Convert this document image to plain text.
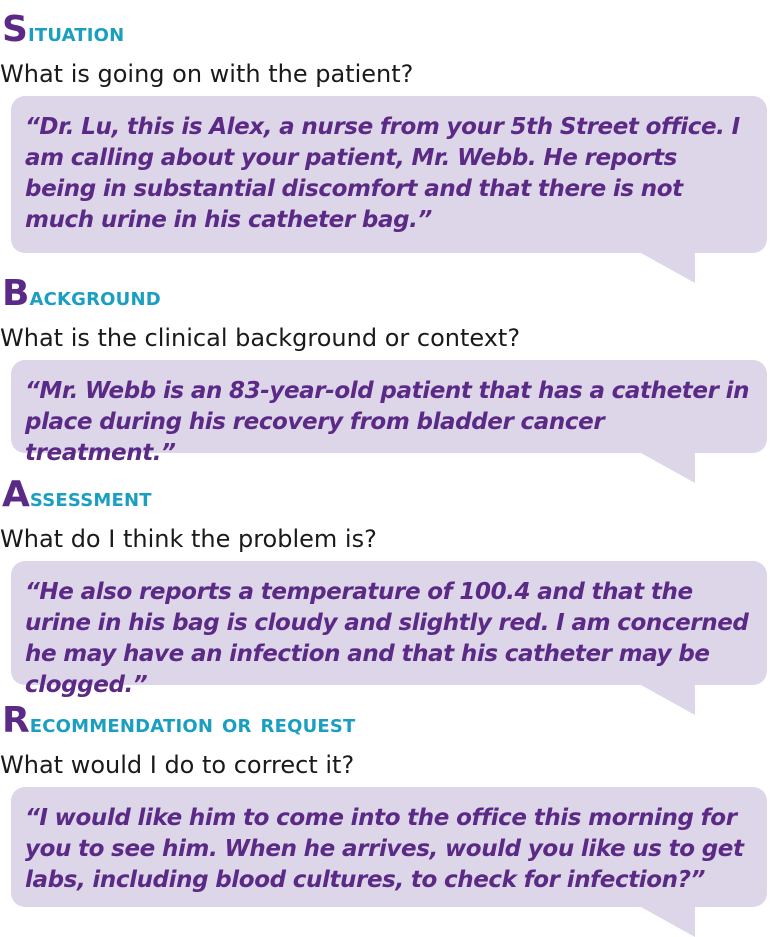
Situation

What is going on with the patient?

“Dr. Lu, this is Alex, a nurse from your 5th Street office. I am calling about your patient, Mr. Webb. He reports being in substantial discomfort and that there is not much urine in his catheter bag.”

Background

What is the clinical background or context?

“Mr. Webb is an 83-year-old patient that has a catheter in place during his recovery from bladder cancer treatment.”

Assessment

What do I think the problem is?

“He also reports a temperature of 100.4 and that the urine in his bag is cloudy and slightly red. I am concerned he may have an infection and that his catheter may be clogged.”

Recommendation or request

What would I do to correct it?

“I would like him to come into the office this morning for you to see him. When he arrives, would you like us to get labs, including blood cultures, to check for infection?”
